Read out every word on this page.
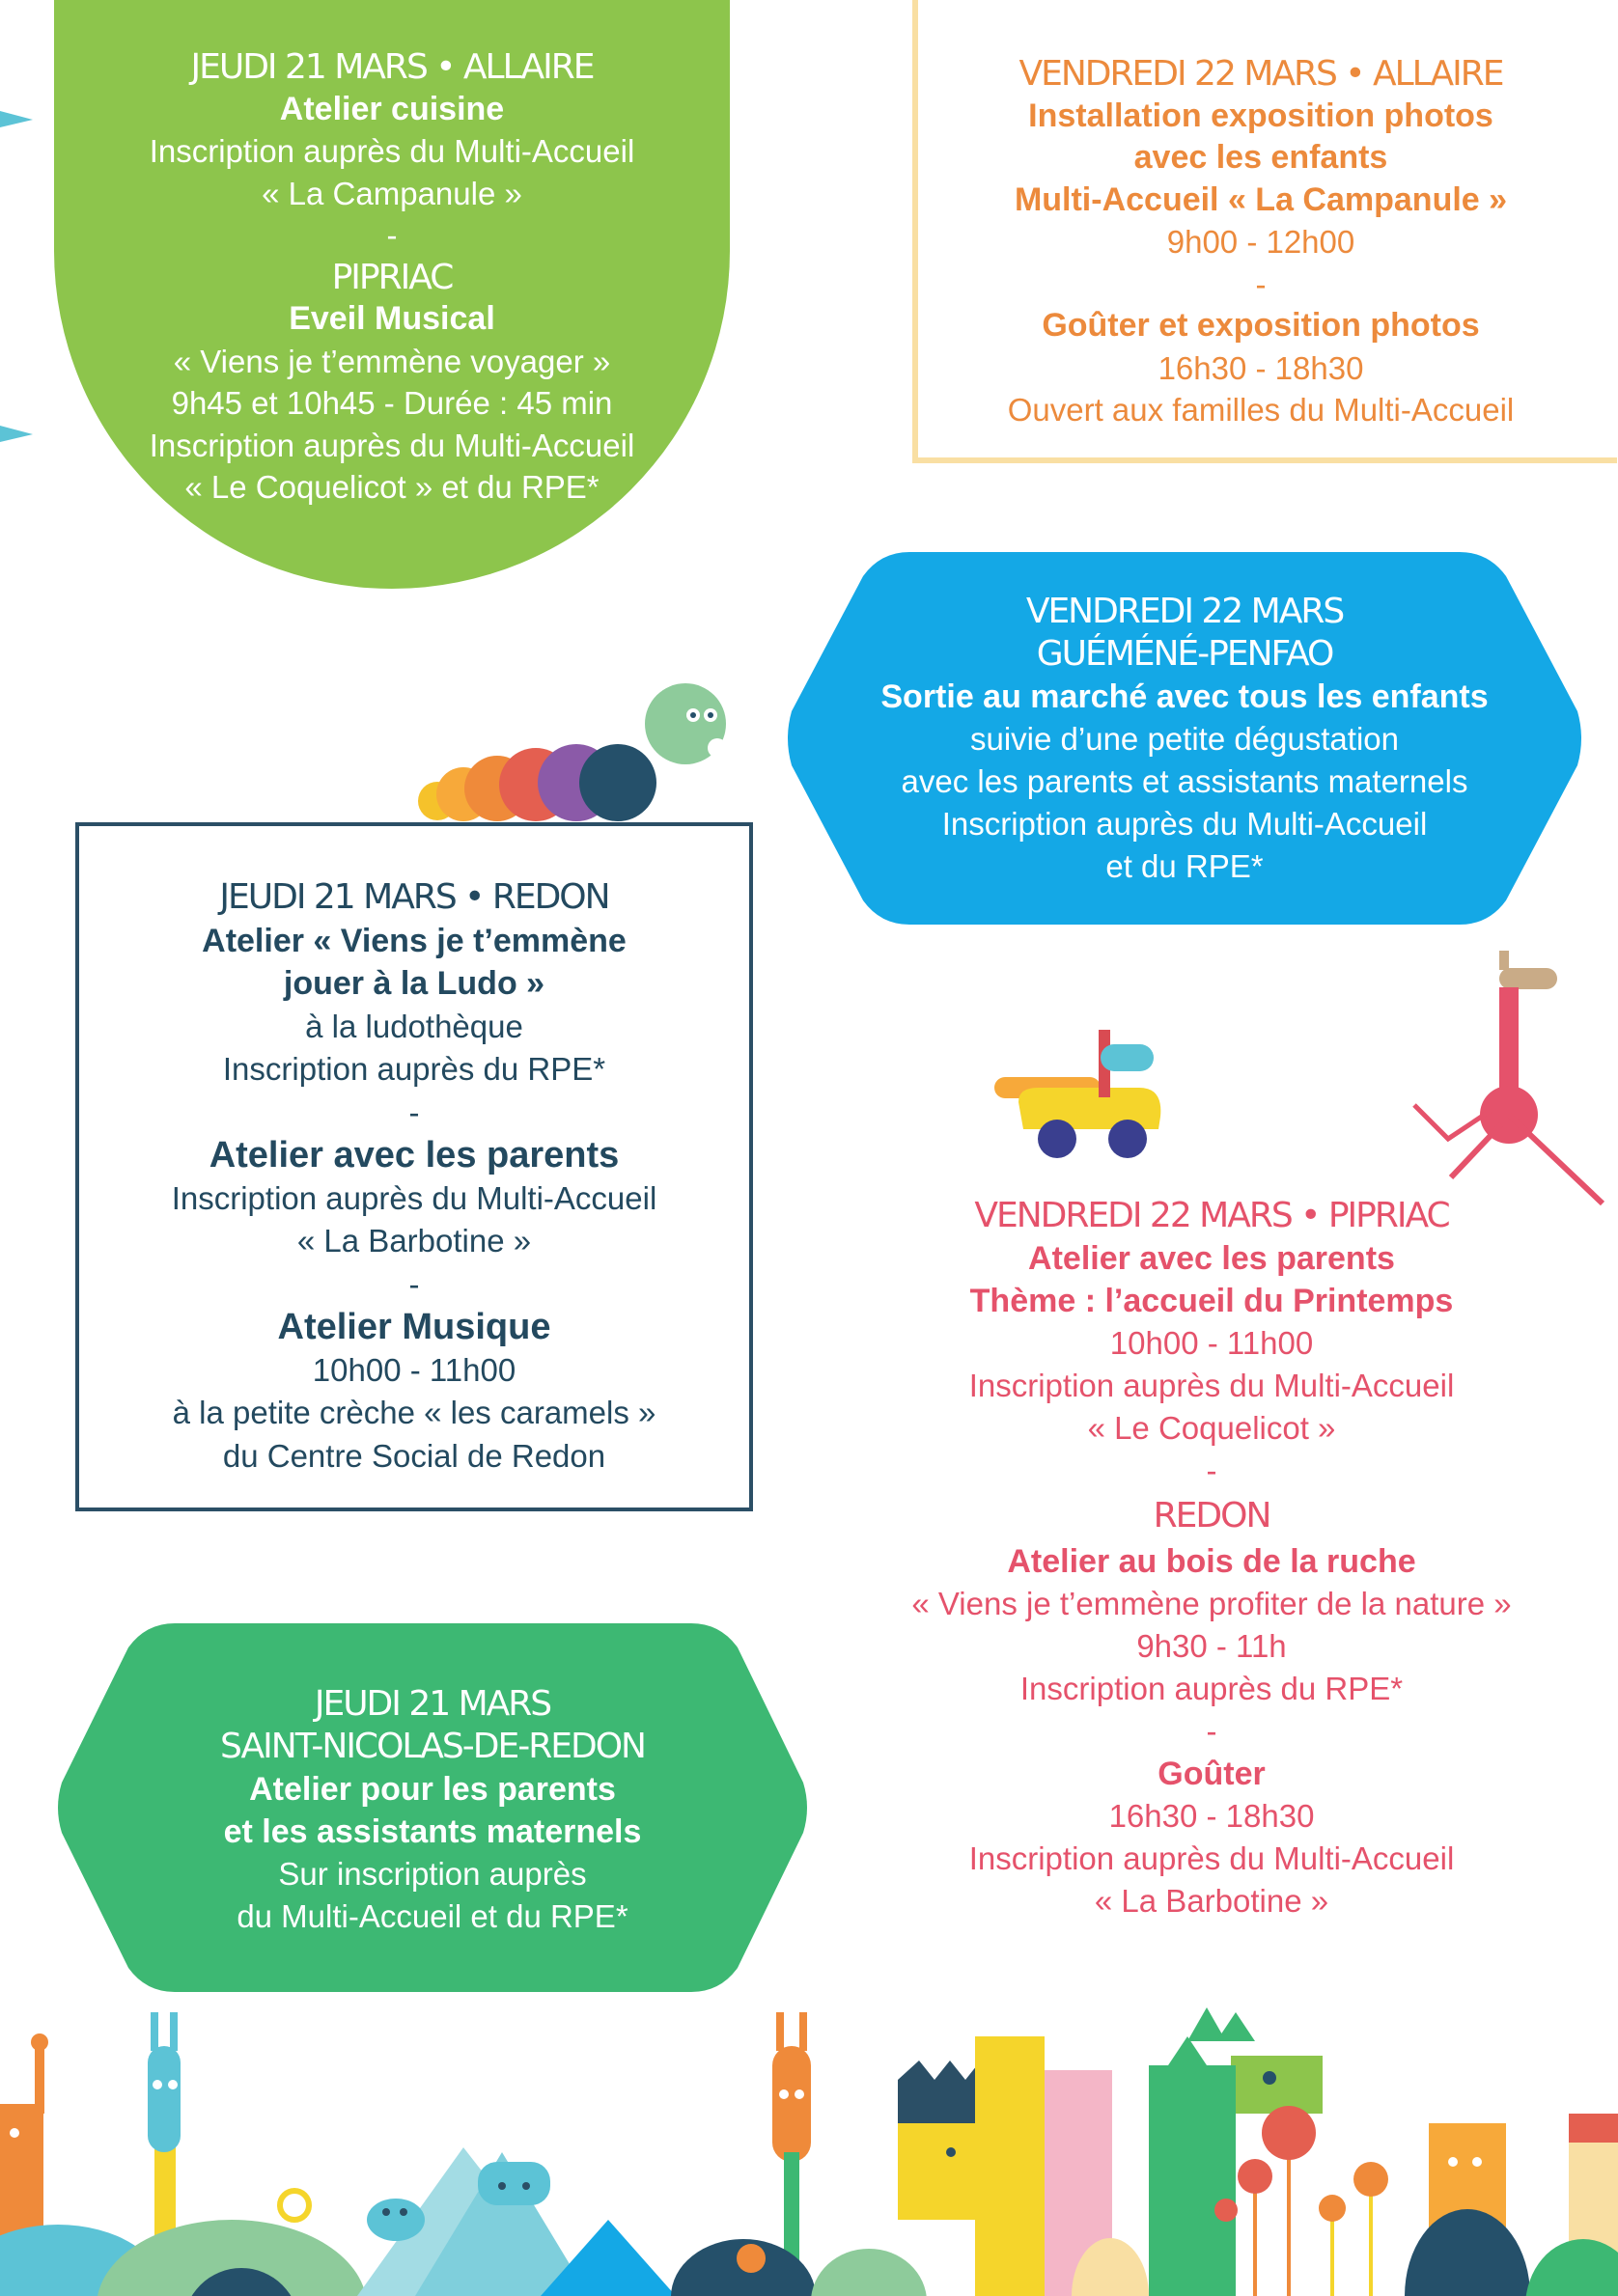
JEUDI 21 MARS • ALLAIRE
Atelier cuisine
Inscription auprès du Multi-Accueil
« La Campanule »
-
PIPRIAC
Eveil Musical
« Viens je t’emmène voyager »
9h45 et 10h45 - Durée : 45 min
Inscription auprès du Multi-Accueil
« Le Coquelicot » et du RPE*
VENDREDI 22 MARS • ALLAIRE
Installation exposition photos
avec les enfants
Multi-Accueil « La Campanule »
9h00 - 12h00
-
Goûter et exposition photos
16h30 - 18h30
Ouvert aux familles du Multi-Accueil
VENDREDI 22 MARS
GUÉMÉNÉ-PENFAO
Sortie au marché avec tous les enfants
suivie d’une petite dégustation
avec les parents et assistants maternels
Inscription auprès du Multi-Accueil
et du RPE*
JEUDI 21 MARS • REDON
Atelier « Viens je t’emmène
jouer à la Ludo »
à la ludothèque
Inscription auprès du RPE*
-
Atelier avec les parents
Inscription auprès du Multi-Accueil
« La Barbotine »
-
Atelier Musique
10h00 - 11h00
à la petite crèche « les caramels »
du Centre Social de Redon
VENDREDI 22 MARS • PIPRIAC
Atelier avec les parents
Thème : l’accueil du Printemps
10h00 - 11h00
Inscription auprès du Multi-Accueil
« Le Coquelicot »
-
REDON
Atelier au bois de la ruche
« Viens je t’emmène profiter de la nature »
9h30 - 11h
Inscription auprès du RPE*
-
Goûter
16h30 - 18h30
Inscription auprès du Multi-Accueil
« La Barbotine »
JEUDI 21 MARS
SAINT-NICOLAS-DE-REDON
Atelier pour les parents
et les assistants maternels
Sur inscription auprès
du Multi-Accueil et du RPE*
